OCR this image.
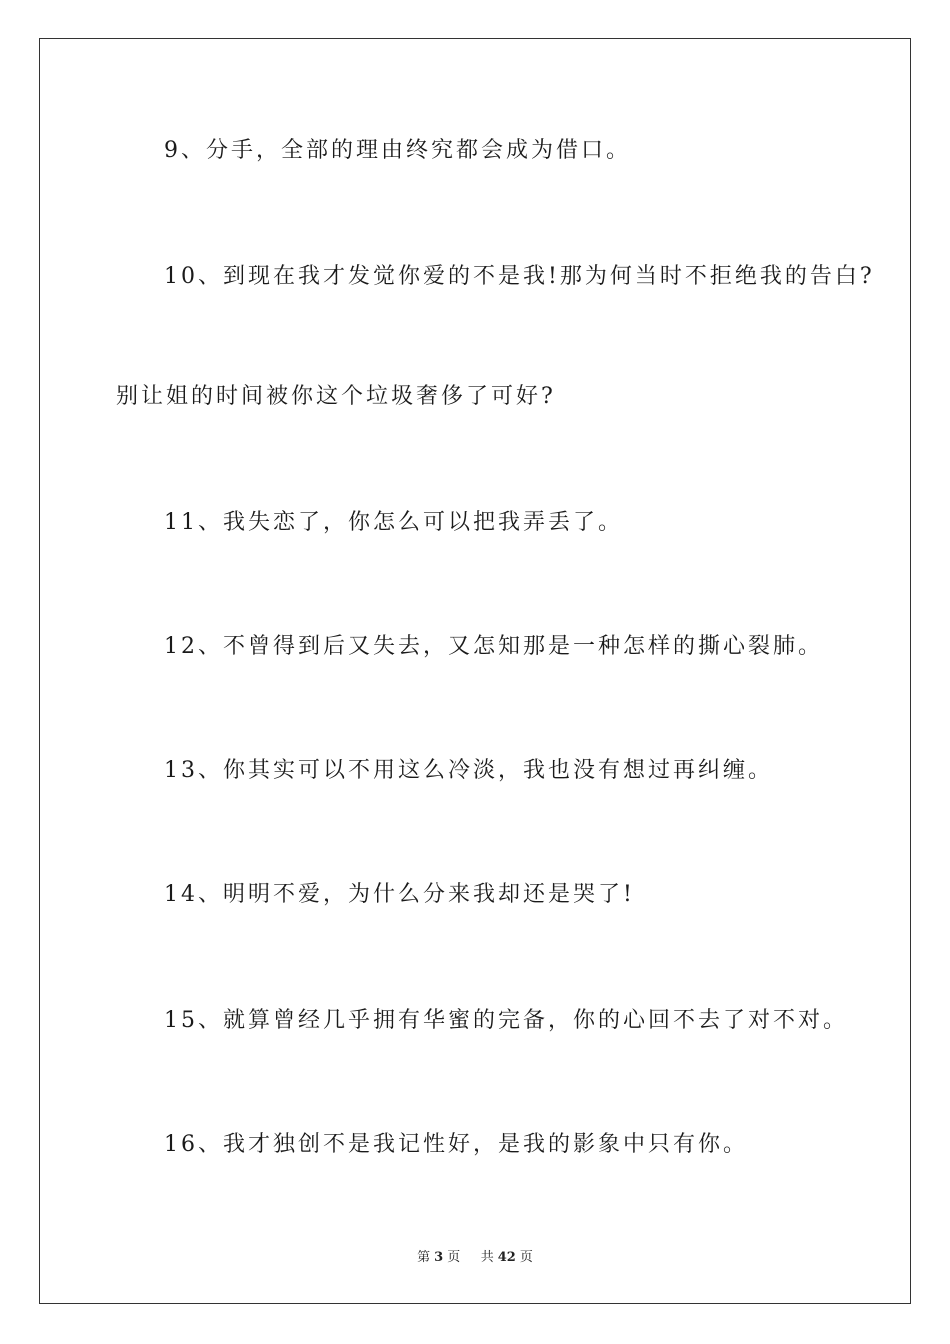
9、分手，全部的理由终究都会成为借口。
10、到现在我才发觉你爱的不是我!那为何当时不拒绝我的告白?
别让姐的时间被你这个垃圾奢侈了可好?
11、我失恋了，你怎么可以把我弄丢了。
12、不曾得到后又失去，又怎知那是一种怎样的撕心裂肺。
13、你其实可以不用这么冷淡，我也没有想过再纠缠。
14、明明不爱，为什么分来我却还是哭了!
15、就算曾经几乎拥有华蜜的完备，你的心回不去了对不对。
16、我才独创不是我记性好，是我的影象中只有你。
第 3 页 共 42 页
